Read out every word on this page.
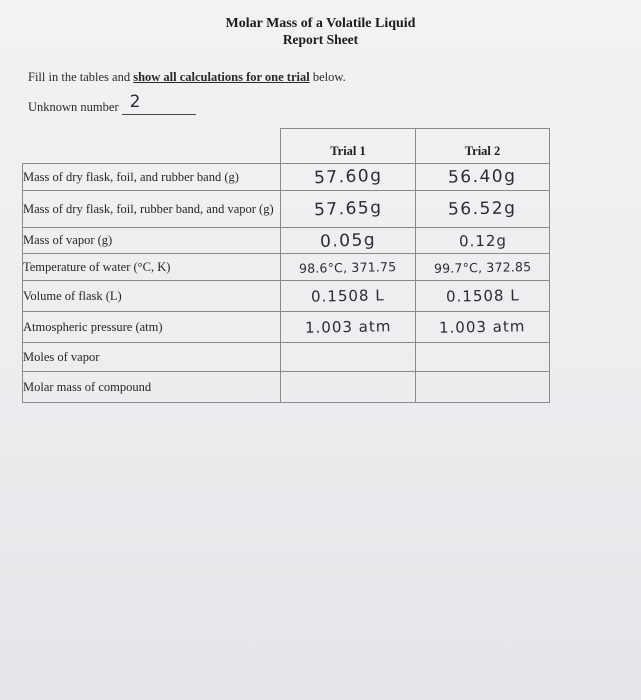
Molar Mass of a Volatile Liquid
Report Sheet
Fill in the tables and show all calculations for one trial below.
Unknown number 2
	Trial 1	Trial 2
Mass of dry flask, foil, and rubber band (g)	57.60g	56.40g
Mass of dry flask, foil, rubber band, and vapor (g)	57.65g	56.52g
Mass of vapor (g)	0.05g	0.12g
Temperature of water (°C, K)	98.6°C, 371.75	99.7°C, 372.85
Volume of flask (L)	0.1508 L	0.1508 L
Atmospheric pressure (atm)	1.003 atm	1.003 atm
Moles of vapor		
Molar mass of compound		
